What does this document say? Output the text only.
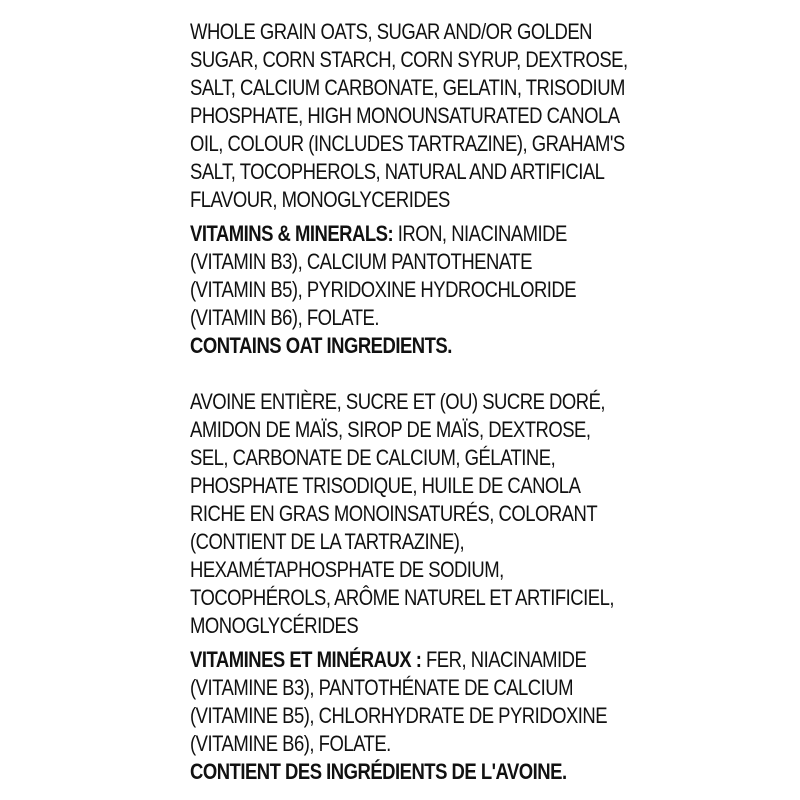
WHOLE GRAIN OATS, SUGAR AND/OR GOLDEN
SUGAR, CORN STARCH, CORN SYRUP, DEXTROSE,
SALT, CALCIUM CARBONATE, GELATIN, TRISODIUM
PHOSPHATE, HIGH MONOUNSATURATED CANOLA
OIL, COLOUR (INCLUDES TARTRAZINE), GRAHAM'S
SALT, TOCOPHEROLS, NATURAL AND ARTIFICIAL
FLAVOUR, MONOGLYCERIDES
VITAMINS & MINERALS: IRON, NIACINAMIDE
(VITAMIN B3), CALCIUM PANTOTHENATE
(VITAMIN B5), PYRIDOXINE HYDROCHLORIDE
(VITAMIN B6), FOLATE.
CONTAINS OAT INGREDIENTS.
AVOINE ENTIÈRE, SUCRE ET (OU) SUCRE DORÉ,
AMIDON DE MAÏS, SIROP DE MAÏS, DEXTROSE,
SEL, CARBONATE DE CALCIUM, GÉLATINE,
PHOSPHATE TRISODIQUE, HUILE DE CANOLA
RICHE EN GRAS MONOINSATURÉS, COLORANT
(CONTIENT DE LA TARTRAZINE),
HEXAMÉTAPHOSPHATE DE SODIUM,
TOCOPHÉROLS, ARÔME NATUREL ET ARTIFICIEL,
MONOGLYCÉRIDES
VITAMINES ET MINÉRAUX : FER, NIACINAMIDE
(VITAMINE B3), PANTOTHÉNATE DE CALCIUM
(VITAMINE B5), CHLORHYDRATE DE PYRIDOXINE
(VITAMINE B6), FOLATE.
CONTIENT DES INGRÉDIENTS DE L'AVOINE.
